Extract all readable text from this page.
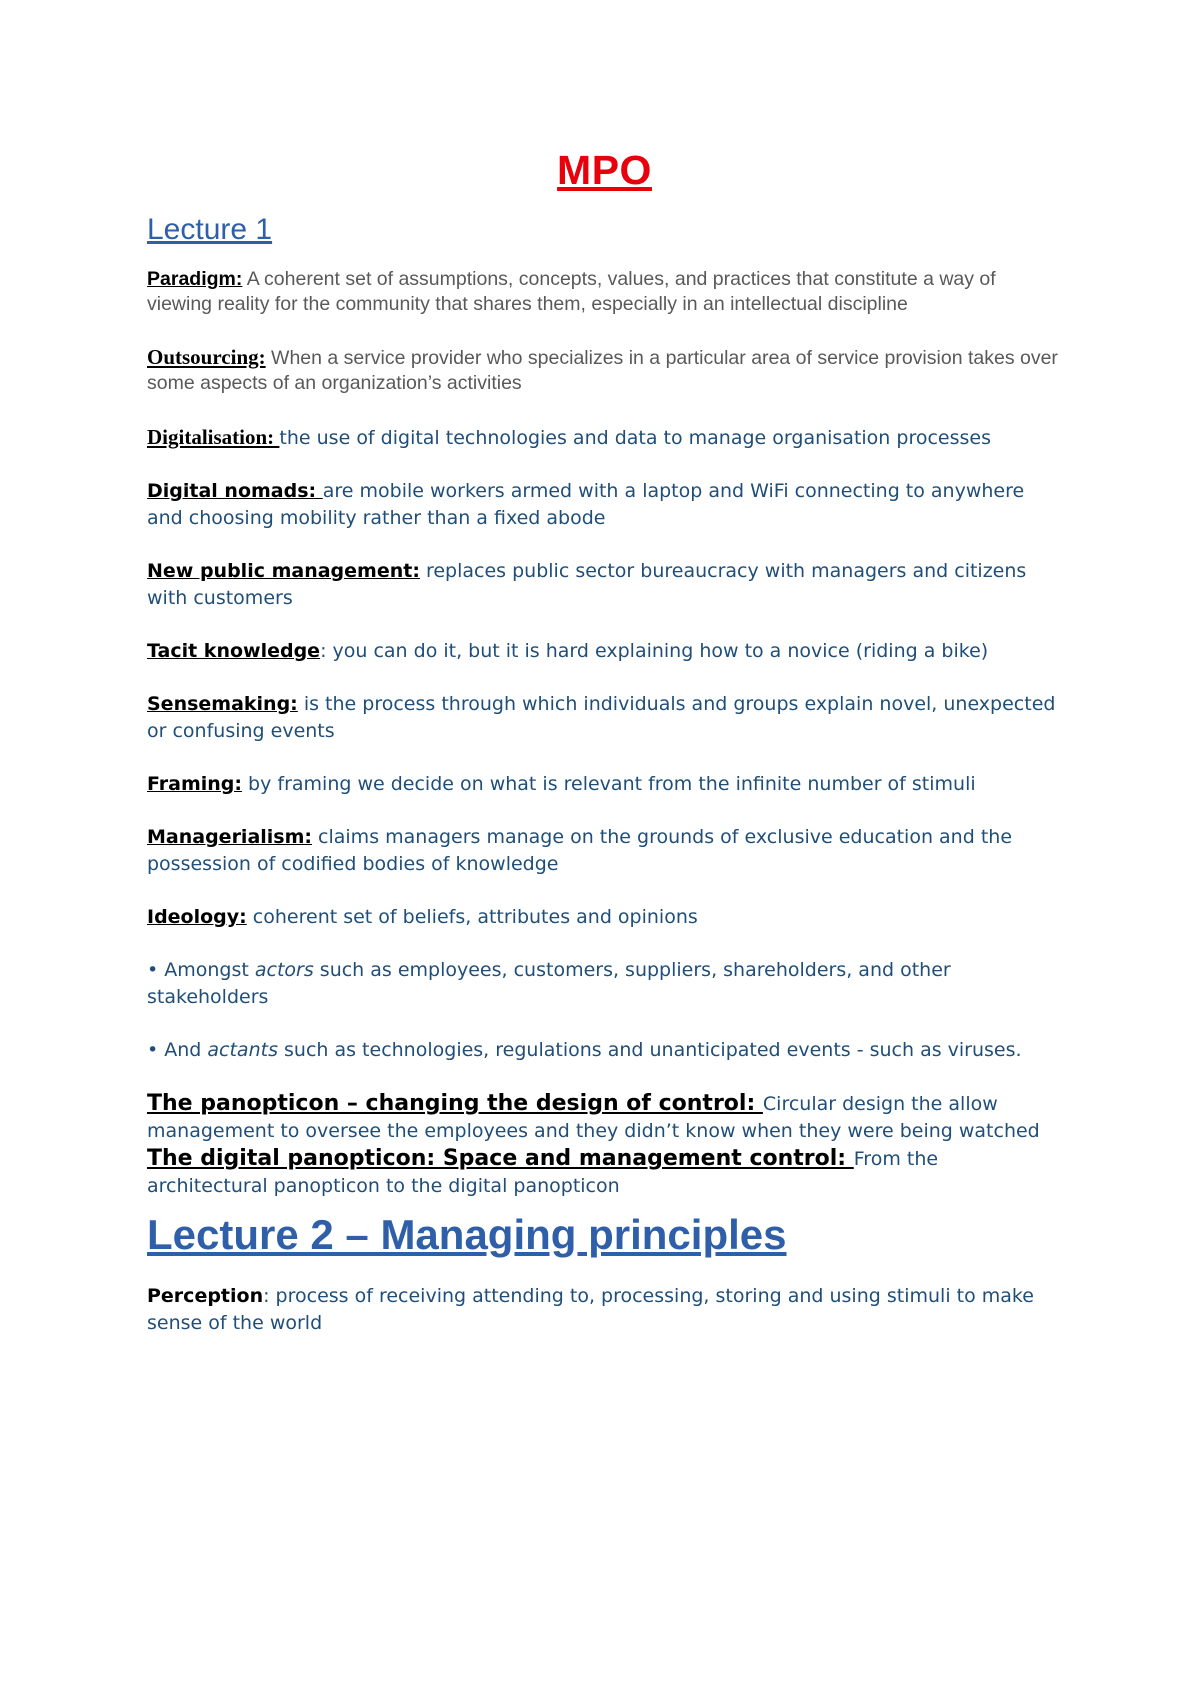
MPO
Lecture 1

Paradigm: A coherent set of assumptions, concepts, values, and practices that constitute a way of viewing reality for the community that shares them, especially in an intellectual discipline

Outsourcing: When a service provider who specializes in a particular area of service provision takes over some aspects of an organization’s activities

Digitalisation: the use of digital technologies and data to manage organisation processes

Digital nomads: are mobile workers armed with a laptop and WiFi connecting to anywhere and choosing mobility rather than a fixed abode

New public management: replaces public sector bureaucracy with managers and citizens with customers

Tacit knowledge: you can do it, but it is hard explaining how to a novice (riding a bike)

Sensemaking: is the process through which individuals and groups explain novel, unexpected or confusing events

Framing: by framing we decide on what is relevant from the infinite number of stimuli

Managerialism: claims managers manage on the grounds of exclusive education and the possession of codified bodies of knowledge

Ideology: coherent set of beliefs, attributes and opinions

• Amongst actors such as employees, customers, suppliers, shareholders, and other stakeholders

• And actants such as technologies, regulations and unanticipated events - such as viruses.

The panopticon – changing the design of control: Circular design the allow management to oversee the employees and they didn’t know when they were being watched

The digital panopticon: Space and management control: From the architectural panopticon to the digital panopticon

Lecture 2 – Managing principles

Perception: process of receiving attending to, processing, storing and using stimuli to make sense of the world
